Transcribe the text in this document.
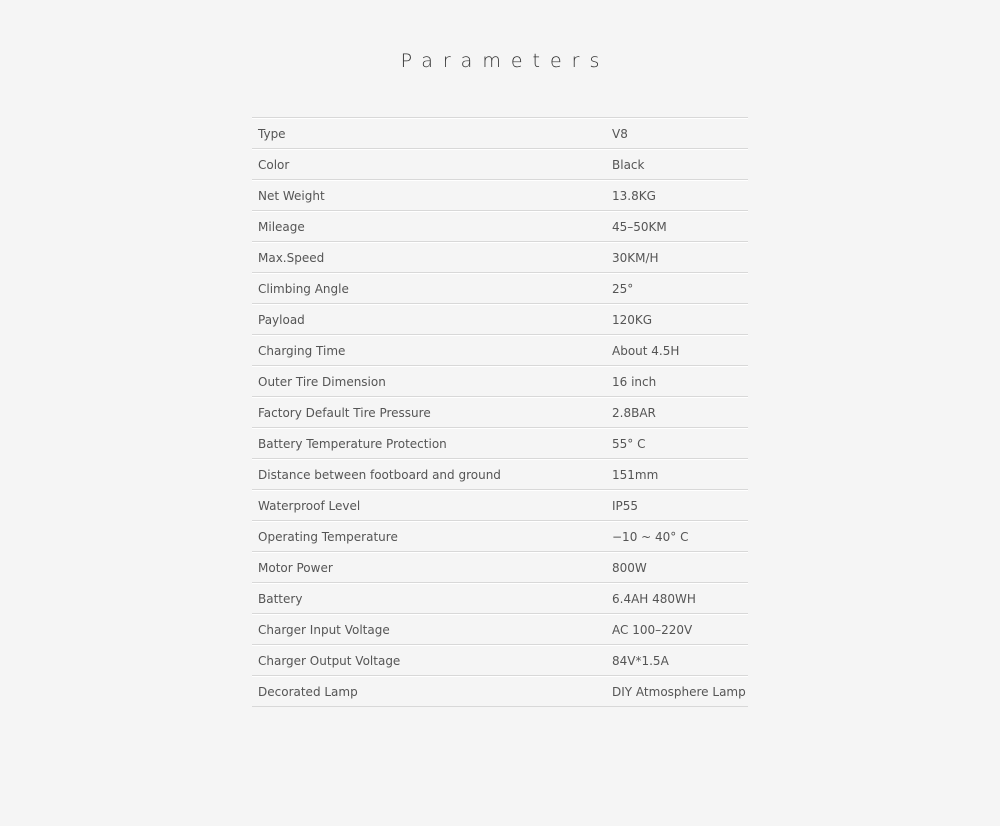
Parameters
Type	V8
Color	Black
Net Weight	13.8KG
Mileage	45–50KM
Max.Speed	30KM/H
Climbing Angle	25°
Payload	120KG
Charging Time	About 4.5H
Outer Tire Dimension	16 inch
Factory Default Tire Pressure	2.8BAR
Battery Temperature Protection	55° C
Distance between footboard and ground	151mm
Waterproof Level	IP55
Operating Temperature	−10 ~ 40° C
Motor Power	800W
Battery	6.4AH 480WH
Charger Input Voltage	AC 100–220V
Charger Output Voltage	84V*1.5A
Decorated Lamp	DIY Atmosphere Lamp
